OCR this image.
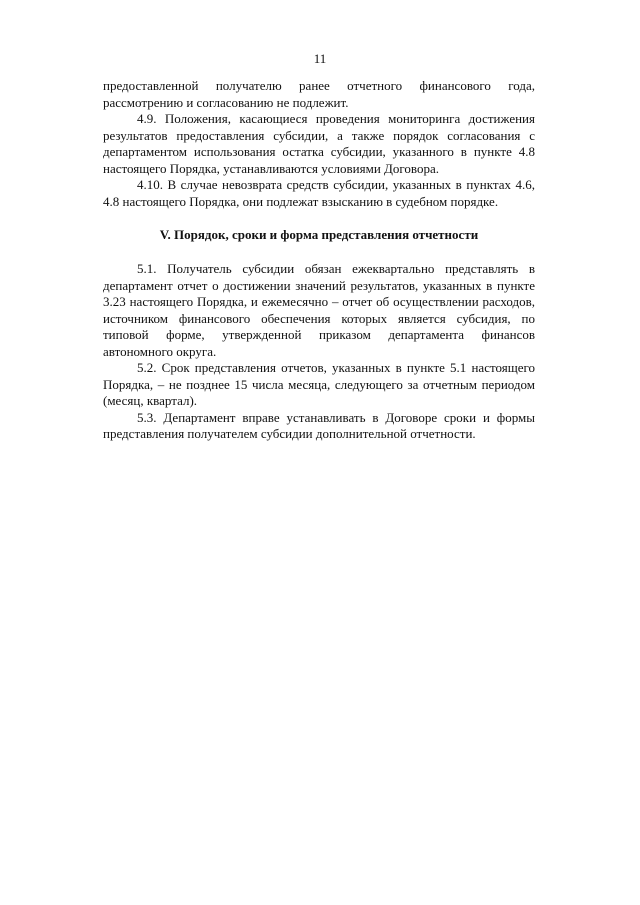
11

предоставленной получателю ранее отчетного финансового года, рассмотрению и согласованию не подлежит.

4.9. Положения, касающиеся проведения мониторинга достижения результатов предоставления субсидии, а также порядок согласования с департаментом использования остатка субсидии, указанного в пункте 4.8 настоящего Порядка, устанавливаются условиями Договора.

4.10. В случае невозврата средств субсидии, указанных в пунктах 4.6, 4.8 настоящего Порядка, они подлежат взысканию в судебном порядке.

V. Порядок, сроки и форма представления отчетности

5.1. Получатель субсидии обязан ежеквартально представлять в департамент отчет о достижении значений результатов, указанных в пункте 3.23 настоящего Порядка, и ежемесячно – отчет об осуществлении расходов, источником финансового обеспечения которых является субсидия, по типовой форме, утвержденной приказом департамента финансов автономного округа.

5.2. Срок представления отчетов, указанных в пункте 5.1 настоящего Порядка, – не позднее 15 числа месяца, следующего за отчетным периодом (месяц, квартал).

5.3. Департамент вправе устанавливать в Договоре сроки и формы представления получателем субсидии дополнительной отчетности.
